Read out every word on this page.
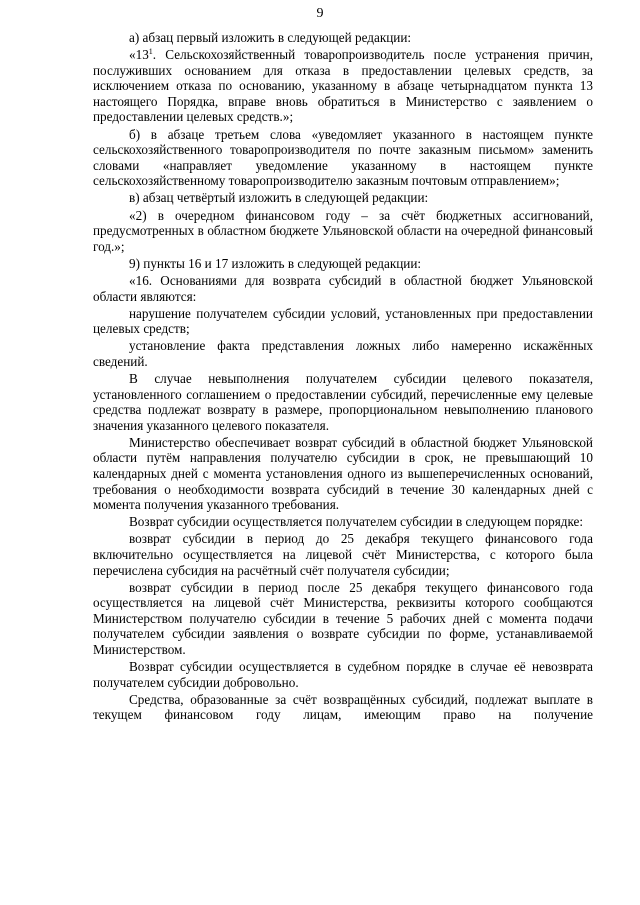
9

а) абзац первый изложить в следующей редакции:

«$13^1$. Сельскохозяйственный товаропроизводитель после устранения причин, послуживших основанием для отказа в предоставлении целевых средств, за исключением отказа по основанию, указанному в абзаце четырнадцатом пункта 13 настоящего Порядка, вправе вновь обратиться в Министерство с заявлением о предоставлении целевых средств.»;

б) в абзаце третьем слова «уведомляет указанного в настоящем пункте сельскохозяйственного товаропроизводителя по почте заказным письмом» заменить словами «направляет уведомление указанному в настоящем пункте сельскохозяйственному товаропроизводителю заказным почтовым отправлением»;

в) абзац четвёртый изложить в следующей редакции:

«2) в очередном финансовом году – за счёт бюджетных ассигнований, предусмотренных в областном бюджете Ульяновской области на очередной финансовый год.»;

9) пункты 16 и 17 изложить в следующей редакции:

«16. Основаниями для возврата субсидий в областной бюджет Ульяновской области являются:

нарушение получателем субсидии условий, установленных при предоставлении целевых средств;

установление факта представления ложных либо намеренно искажённых сведений.

В случае невыполнения получателем субсидии целевого показателя, установленного соглашением о предоставлении субсидий, перечисленные ему целевые средства подлежат возврату в размере, пропорциональном невыполнению планового значения указанного целевого показателя.

Министерство обеспечивает возврат субсидий в областной бюджет Ульяновской области путём направления получателю субсидии в срок, не превышающий 10 календарных дней с момента установления одного из вышеперечисленных оснований, требования о необходимости возврата субсидий в течение 30 календарных дней с момента получения указанного требования.

Возврат субсидии осуществляется получателем субсидии в следующем порядке:

возврат субсидии в период до 25 декабря текущего финансового года включительно осуществляется на лицевой счёт Министерства, с которого была перечислена субсидия на расчётный счёт получателя субсидии;

возврат субсидии в период после 25 декабря текущего финансового года осуществляется на лицевой счёт Министерства, реквизиты которого сообщаются Министерством получателю субсидии в течение 5 рабочих дней с момента подачи получателем субсидии заявления о возврате субсидии по форме, устанавливаемой Министерством.

Возврат субсидии осуществляется в судебном порядке в случае её невозврата получателем субсидии добровольно.

Средства, образованные за счёт возвращённых субсидий, подлежат выплате в текущем финансовом году лицам, имеющим право на получение
